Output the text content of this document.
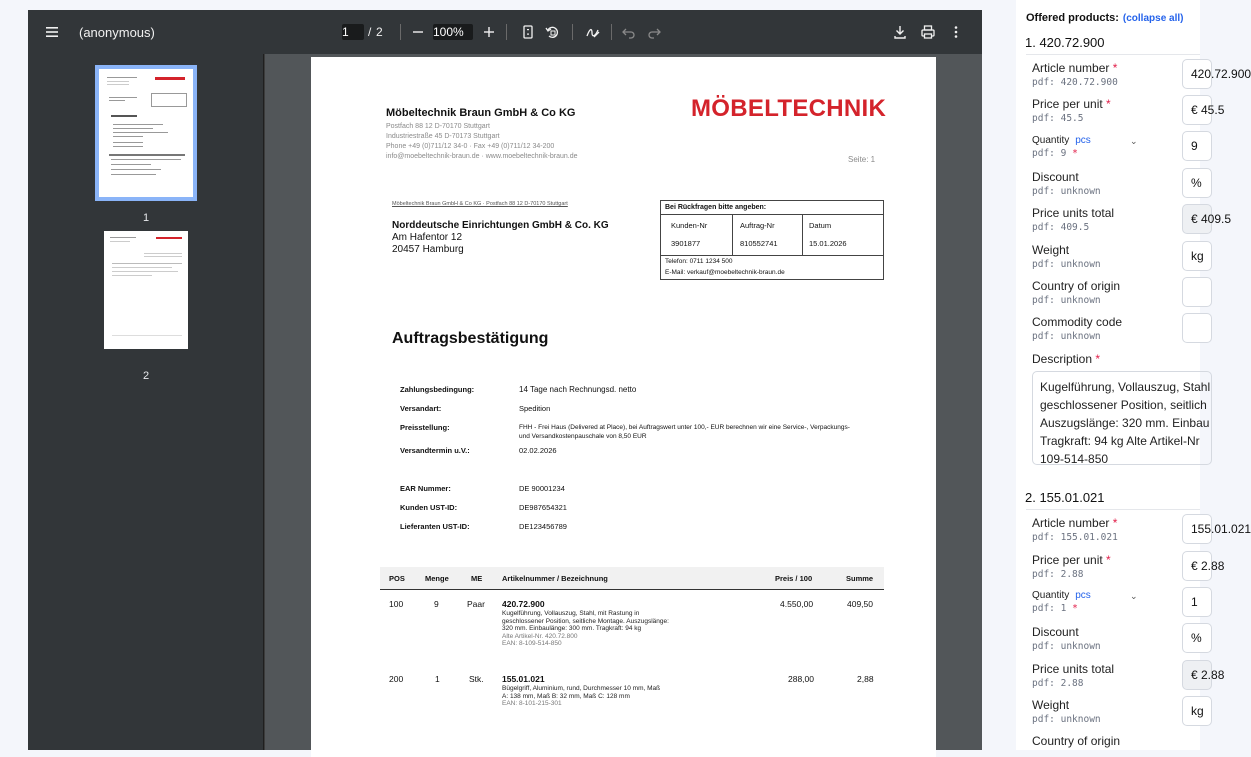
(anonymous)	1	/ 2	100%
1
2
Möbeltechnik Braun GmbH & Co KG	MÖBELTECHNIK
Postfach 88 12 D-70170 Stuttgart
Industriestraße 45 D-70173 Stuttgart
Phone +49 (0)711/12 34-0 · Fax +49 (0)711/12 34-200
info@moebeltechnik-braun.de · www.moebeltechnik-braun.de	Seite: 1
Möbeltechnik Braun GmbH & Co KG · Postfach 88 12 D-70170 Stuttgart
Norddeutsche Einrichtungen GmbH & Co. KG
Am Hafentor 12
20457 Hamburg
Bei Rückfragen bitte angeben:
Kunden-Nr	Auftrag-Nr	Datum
3901877	810552741	15.01.2026
Telefon: 0711 1234 500
E-Mail: verkauf@moebeltechnik-braun.de
Auftragsbestätigung
Zahlungsbedingung:	14 Tage nach Rechnungsd. netto
Versandart:	Spedition
Preisstellung:	FHH - Frei Haus (Delivered at Place), bei Auftragswert unter 100,- EUR berechnen wir eine Service-, Verpackungs- und Versandkostenpauschale von 8,50 EUR
Versandtermin u.V.:	02.02.2026
EAR Nummer:	DE 90001234
Kunden UST-ID:	DE987654321
Lieferanten UST-ID:	DE123456789
POS	Menge	ME	Artikelnummer / Bezeichnung	Preis / 100	Summe
100	9	Paar 420.72.900
Kugelführung, Vollauszug, Stahl, mit Rastung in geschlossener Position, seitliche Montage. Auszugslänge: 320 mm. Einbaulänge: 300 mm. Tragkraft: 94 kg
Alte Artikel-Nr. 420.72.800
EAN: 8-109-514-850
4.550,00	409,50
200	1	Stk. 155.01.021
Bügelgriff, Aluminium, rund, Durchmesser 10 mm, Maß A: 138 mm, Maß B: 32 mm, Maß C: 128 mm
EAN: 8-101-215-301
288,00	2,88
Offered products: (collapse all)
1. 420.72.900
Article number *
pdf: 420.72.900
420.72.900
Price per unit *
pdf: 45.5
€ 45.5
Quantity pcs	⌄
pdf: 9 *
9
Discount
pdf: unknown
%
Price units total
pdf: 409.5
€ 409.5
Weight
pdf: unknown
kg
Country of origin
pdf: unknown
Commodity code
pdf: unknown
Description *
Kugelführung, Vollauszug, Stahl
geschlossener Position, seitlich
Auszugslänge: 320 mm. Einbau
Tragkraft: 94 kg Alte Artikel-Nr
109-514-850
2. 155.01.021
Article number *
pdf: 155.01.021
155.01.021
Price per unit *
pdf: 2.88
€ 2.88
Quantity pcs	⌄
pdf: 1 *	1
Discount
pdf: unknown
%
Price units total
pdf: 2.88
€ 2.88
Weight
pdf: unknown
kg
Country of origin
